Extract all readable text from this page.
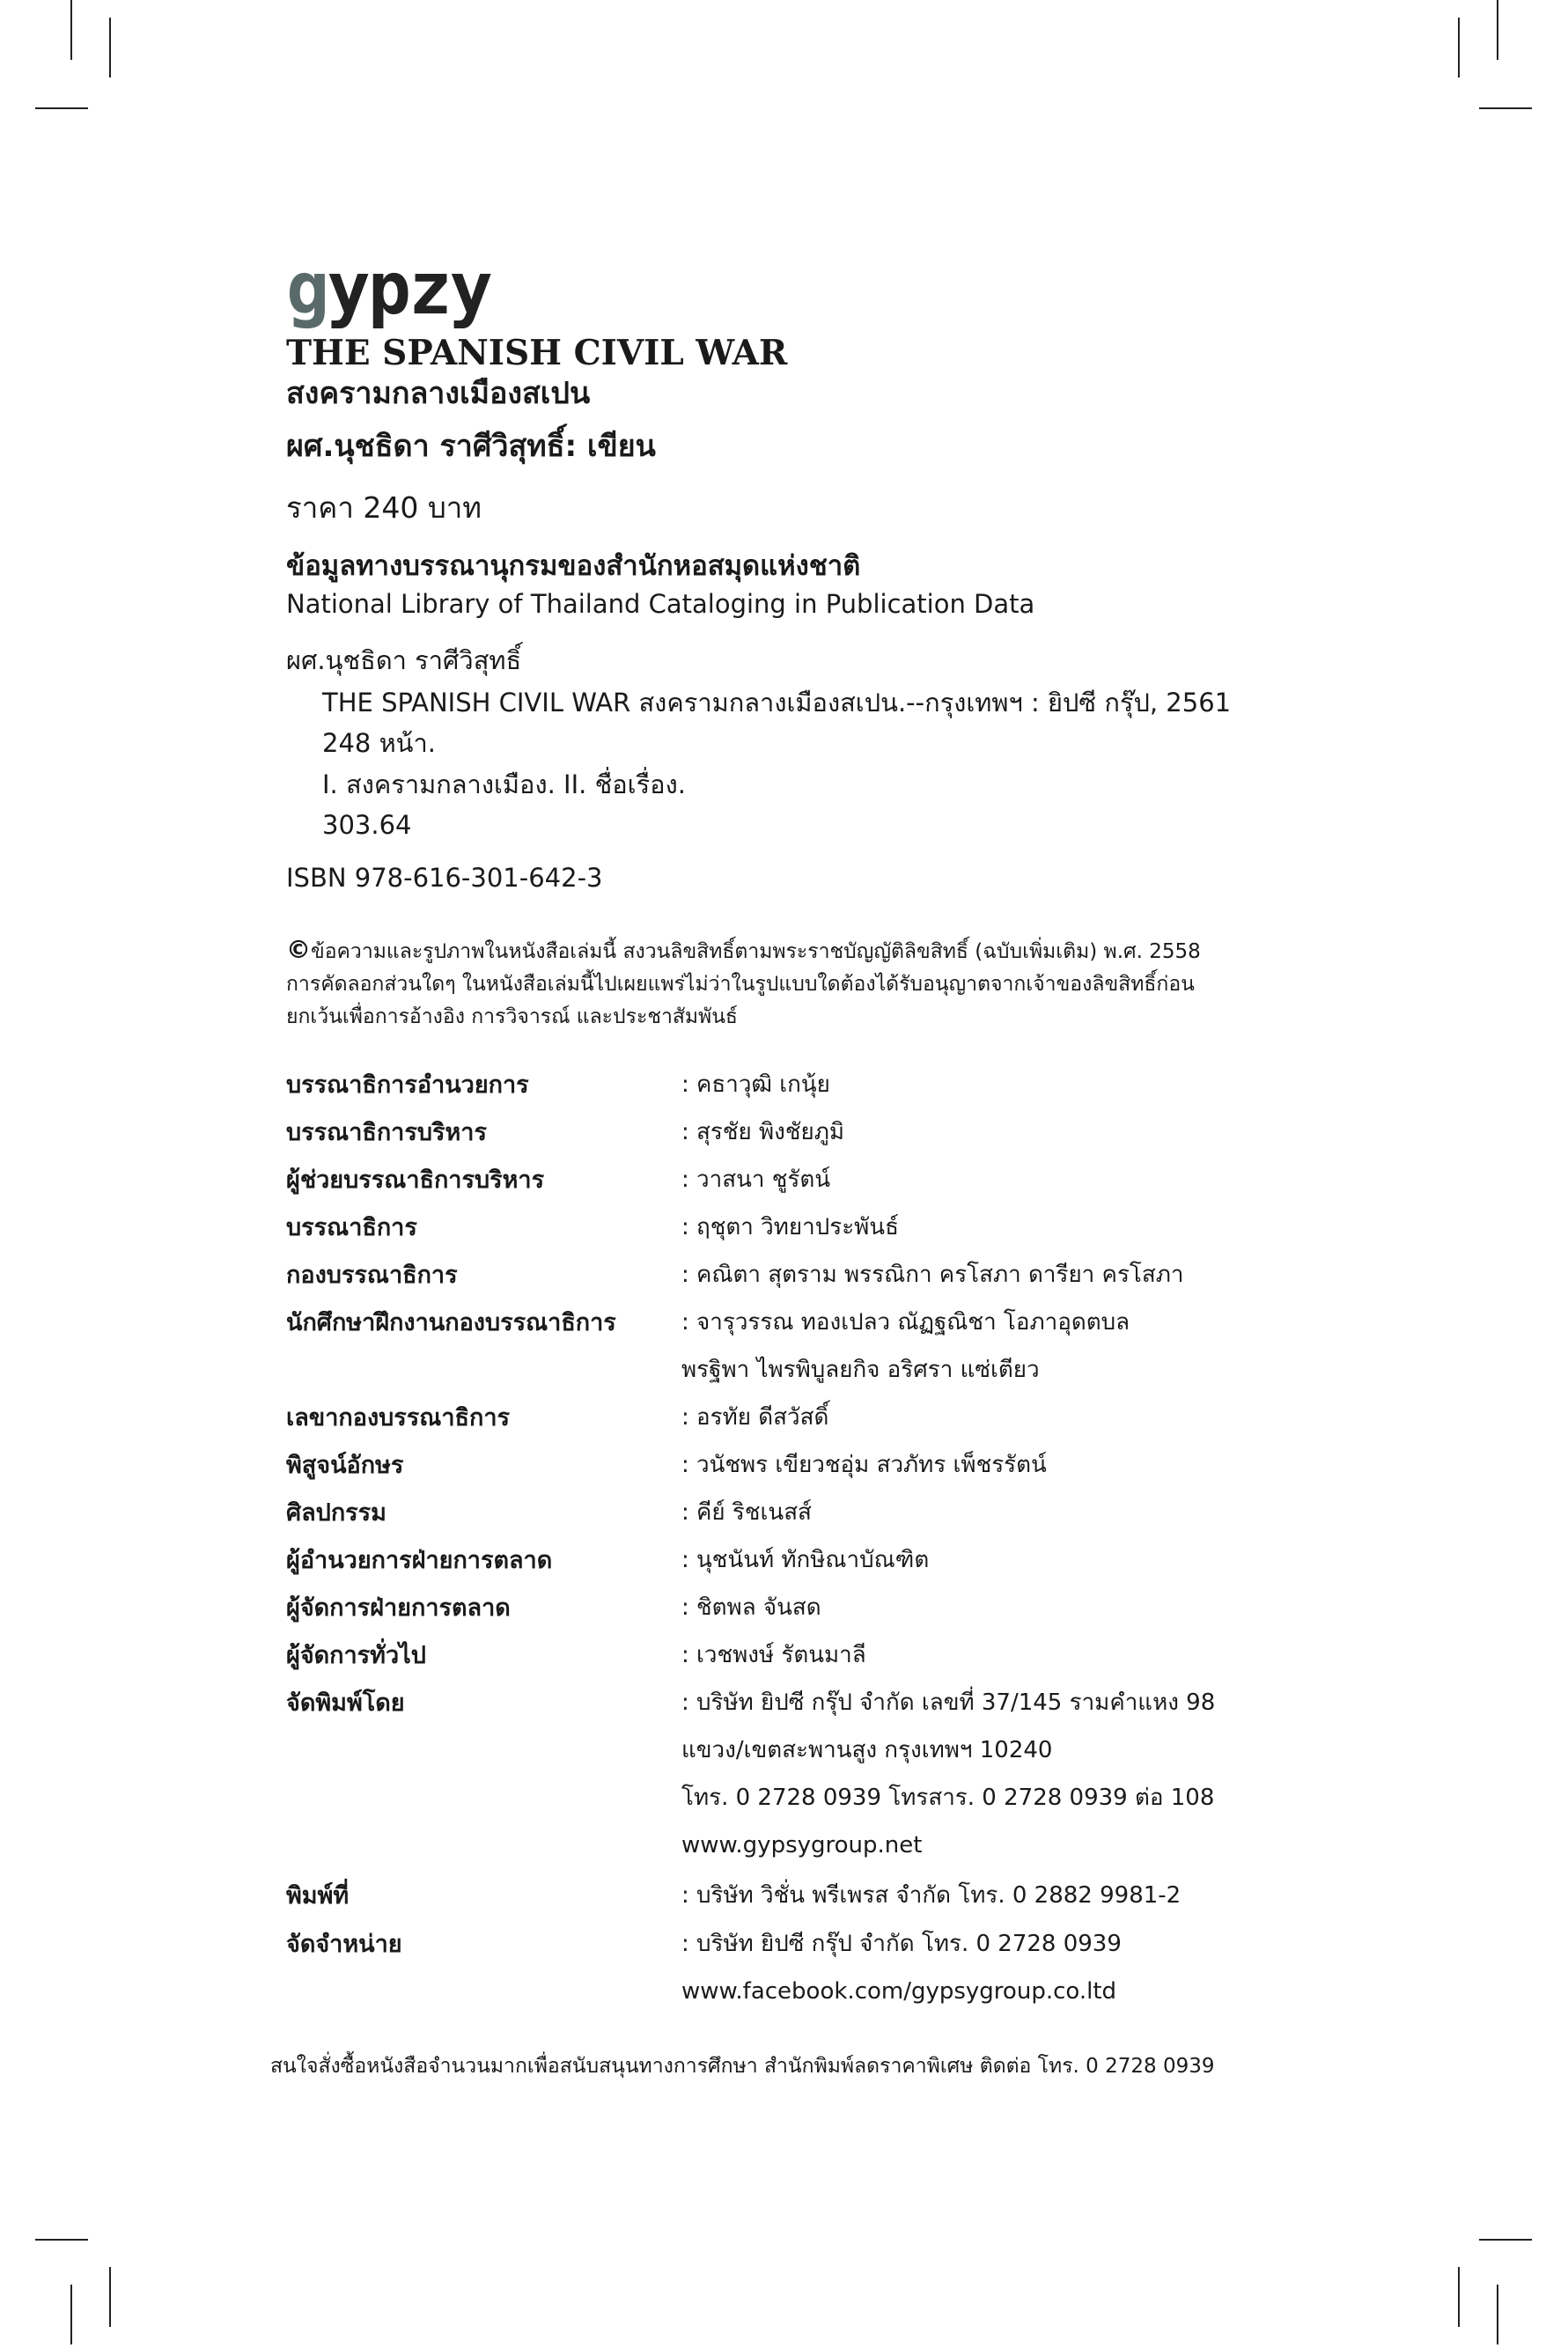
gypzy
THE SPANISH CIVIL WAR
สงครามกลางเมืองสเปน
ผศ.นุชธิดา ราศีวิสุทธิ์: เขียน
ราคา 240 บาท
ข้อมูลทางบรรณานุกรมของสำนักหอสมุดแห่งชาติ
National Library of Thailand Cataloging in Publication Data
ผศ.นุชธิดา ราศีวิสุทธิ์
THE SPANISH CIVIL WAR สงครามกลางเมืองสเปน.--กรุงเทพฯ : ยิปซี กรุ๊ป, 2561
248 หน้า.
I. สงครามกลางเมือง. II. ชื่อเรื่อง.
303.64
ISBN 978-616-301-642-3
©ข้อความและรูปภาพในหนังสือเล่มนี้ สงวนลิขสิทธิ์ตามพระราชบัญญัติลิขสิทธิ์ (ฉบับเพิ่มเติม) พ.ศ. 2558
การคัดลอกส่วนใดๆ ในหนังสือเล่มนี้ไปเผยแพร่ไม่ว่าในรูปแบบใดต้องได้รับอนุญาตจากเจ้าของลิขสิทธิ์ก่อน
ยกเว้นเพื่อการอ้างอิง การวิจารณ์ และประชาสัมพันธ์
บรรณาธิการอำนวยการ	: คธาวุฒิ เกนุ้ย
บรรณาธิการบริหาร	: สุรชัย พิงชัยภูมิ
ผู้ช่วยบรรณาธิการบริหาร	: วาสนา ชูรัตน์
บรรณาธิการ	: ฤชุตา วิทยาประพันธ์
กองบรรณาธิการ	: คณิตา สุตราม พรรณิกา ครโสภา ดารียา ครโสภา
นักศึกษาฝึกงานกองบรรณาธิการ	: จารุวรรณ ทองเปลว ณัฏฐณิชา โอภาอุดตบล
พรฐิพา ไพรพิบูลยกิจ อริศรา แซ่เตียว
เลขากองบรรณาธิการ	: อรทัย ดีสวัสดิ์
พิสูจน์อักษร	: วนัชพร เขียวชอุ่ม สวภัทร เพ็ชรรัตน์
ศิลปกรรม	: คีย์ ริชเนสส์
ผู้อำนวยการฝ่ายการตลาด	: นุชนันท์ ทักษิณาบัณฑิต
ผู้จัดการฝ่ายการตลาด	: ชิตพล จันสด
ผู้จัดการทั่วไป	: เวชพงษ์ รัตนมาลี
จัดพิมพ์โดย	: บริษัท ยิปซี กรุ๊ป จำกัด เลขที่ 37/145 รามคำแหง 98
แขวง/เขตสะพานสูง กรุงเทพฯ 10240
โทร. 0 2728 0939 โทรสาร. 0 2728 0939 ต่อ 108
www.gypsygroup.net
พิมพ์ที่	: บริษัท วิชั่น พรีเพรส จำกัด โทร. 0 2882 9981-2
จัดจำหน่าย	: บริษัท ยิปซี กรุ๊ป จำกัด โทร. 0 2728 0939
www.facebook.com/gypsygroup.co.ltd
สนใจสั่งซื้อหนังสือจำนวนมากเพื่อสนับสนุนทางการศึกษา สำนักพิมพ์ลดราคาพิเศษ ติดต่อ โทร. 0 2728 0939
